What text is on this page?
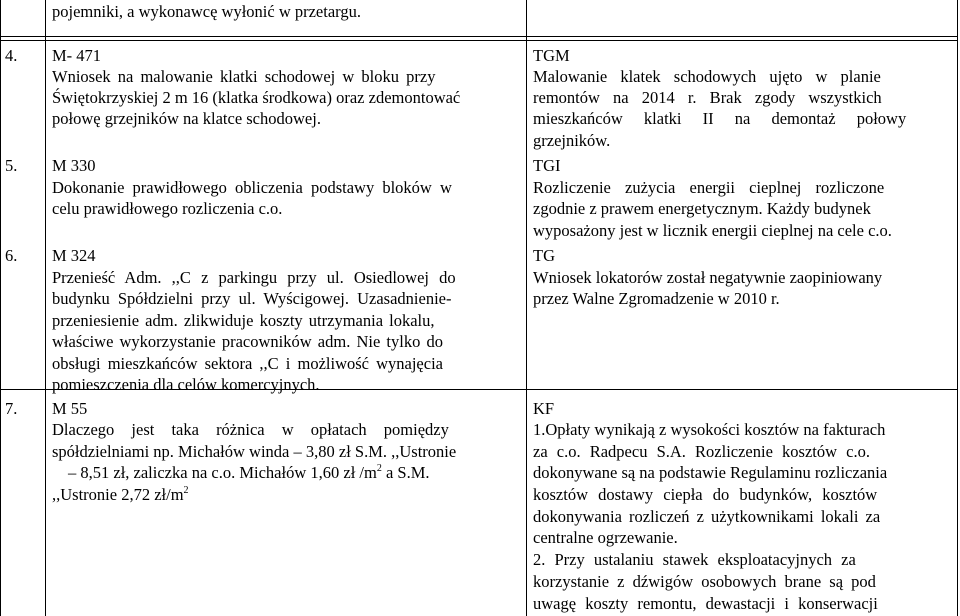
pojemniki, a wykonawcę wyłonić w przetargu.
4. M- 471
Wniosek na malowanie klatki schodowej w bloku przy
Świętokrzyskiej 2 m 16 (klatka środkowa) oraz zdemontować
połowę grzejników na klatce schodowej.
TGM
Malowanie klatek schodowych ujęto w planie
remontów na 2014 r. Brak zgody wszystkich
mieszkańców klatki II na demontaż połowy
grzejników.
5. M 330
Dokonanie prawidłowego obliczenia podstawy bloków w
celu prawidłowego rozliczenia c.o.
TGI
Rozliczenie zużycia energii cieplnej rozliczone
zgodnie z prawem energetycznym. Każdy budynek
wyposażony jest w licznik energii cieplnej na cele c.o.
6. M 324
Przenieść Adm. ,,C z parkingu przy ul. Osiedlowej do
budynku Spółdzielni przy ul. Wyścigowej. Uzasadnienie-
przeniesienie adm. zlikwiduje koszty utrzymania lokalu,
właściwe wykorzystanie pracowników adm. Nie tylko do
obsługi mieszkańców sektora ,,C i możliwość wynajęcia
pomieszczenia dla celów komercyjnych.
TG
Wniosek lokatorów został negatywnie zaopiniowany
przez Walne Zgromadzenie w 2010 r.
7. M 55
Dlaczego jest taka różnica w opłatach pomiędzy
spółdzielniami np. Michałów winda – 3,80 zł S.M. ,,Ustronie
– 8,51 zł, zaliczka na c.o. Michałów 1,60 zł $/m^2$ a S.M.
,,Ustronie 2,72 $zł/m^2$
KF
1.Opłaty wynikają z wysokości kosztów na fakturach
za c.o. Radpecu S.A. Rozliczenie kosztów c.o.
dokonywane są na podstawie Regulaminu rozliczania
kosztów dostawy ciepła do budynków, kosztów
dokonywania rozliczeń z użytkownikami lokali za
centralne ogrzewanie.
2. Przy ustalaniu stawek eksploatacyjnych za
korzystanie z dźwigów osobowych brane są pod
uwagę koszty remontu, dewastacji i konserwacji
